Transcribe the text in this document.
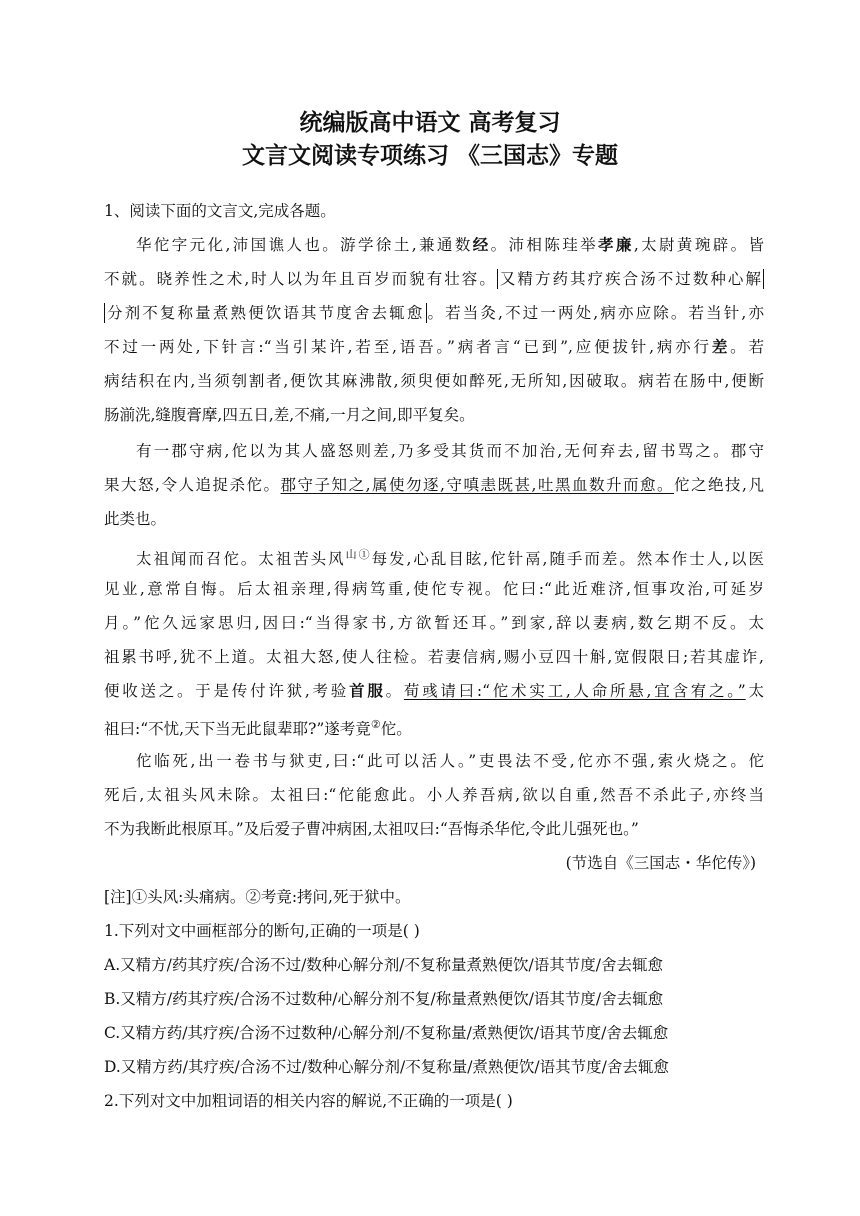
统编版高中语文 高考复习
文言文阅读专项练习 《三国志》专题
1、阅读下面的文言文,完成各题。
华佗字元化,沛国谯人也。游学徐土,兼通数经。沛相陈珪举孝廉,太尉黄琬辟。皆
不就。晓养性之术,时人以为年且百岁而貌有壮容。 又精方药其疗疾合汤不过数种心解
分剂不复称量煮熟便饮语其节度舍去辄愈 。若当灸,不过一两处,病亦应除。若当针,亦
不过一两处,下针言:“当引某许,若至,语吾。”病者言“已到”,应便拔针,病亦行差。若
病结积在内,当须刳割者,便饮其麻沸散,须臾便如醉死,无所知,因破取。病若在肠中,便断
肠湔洗,缝腹膏摩,四五日,差,不痛,一月之间,即平复矣。
有一郡守病,佗以为其人盛怒则差,乃多受其货而不加治,无何弃去,留书骂之。郡守
果大怒,令人追捉杀佗。郡守子知之,属使勿逐,守嗔恚既甚,吐黑血数升而愈。佗之绝技,凡
此类也。
太祖闻而召佗。太祖苦头风$^{山①}$每发,心乱目眩,佗针鬲,随手而差。然本作士人,以医
见业,意常自悔。后太祖亲理,得病笃重,使佗专视。佗曰:“此近难济,恒事攻治,可延岁
月。”佗久远家思归,因曰:“当得家书,方欲暂还耳。”到家,辞以妻病,数乞期不反。太
祖累书呼,犹不上道。太祖大怒,使人往检。若妻信病,赐小豆四十斛,宽假限日;若其虚诈,
便收送之。于是传付许狱,考验首服。荀彧请曰:“佗术实工,人命所悬,宜含宥之。”太
祖曰:“不忧,天下当无此鼠辈耶?”遂考竟②佗。
佗临死,出一卷书与狱吏,曰:“此可以活人。”吏畏法不受,佗亦不强,索火烧之。佗
死后,太祖头风未除。太祖曰:“佗能愈此。小人养吾病,欲以自重,然吾不杀此子,亦终当
不为我断此根原耳。”及后爱子曹冲病困,太祖叹曰:“吾悔杀华佗,令此儿强死也。”
(节选自《三国志・华佗传》)
[注]①头风:头痛病。②考竟:拷问,死于狱中。
1.下列对文中画框部分的断句,正确的一项是( )
A.又精方/药其疗疾/合汤不过/数种心解分剂/不复称量煮熟便饮/语其节度/舍去辄愈
B.又精方/药其疗疾/合汤不过数种/心解分剂不复/称量煮熟便饮/语其节度/舍去辄愈
C.又精方药/其疗疾/合汤不过数种/心解分剂/不复称量/煮熟便饮/语其节度/舍去辄愈
D.又精方药/其疗疾/合汤不过/数种心解分剂/不复称量/煮熟便饮/语其节度/舍去辄愈
2.下列对文中加粗词语的相关内容的解说,不正确的一项是( )
